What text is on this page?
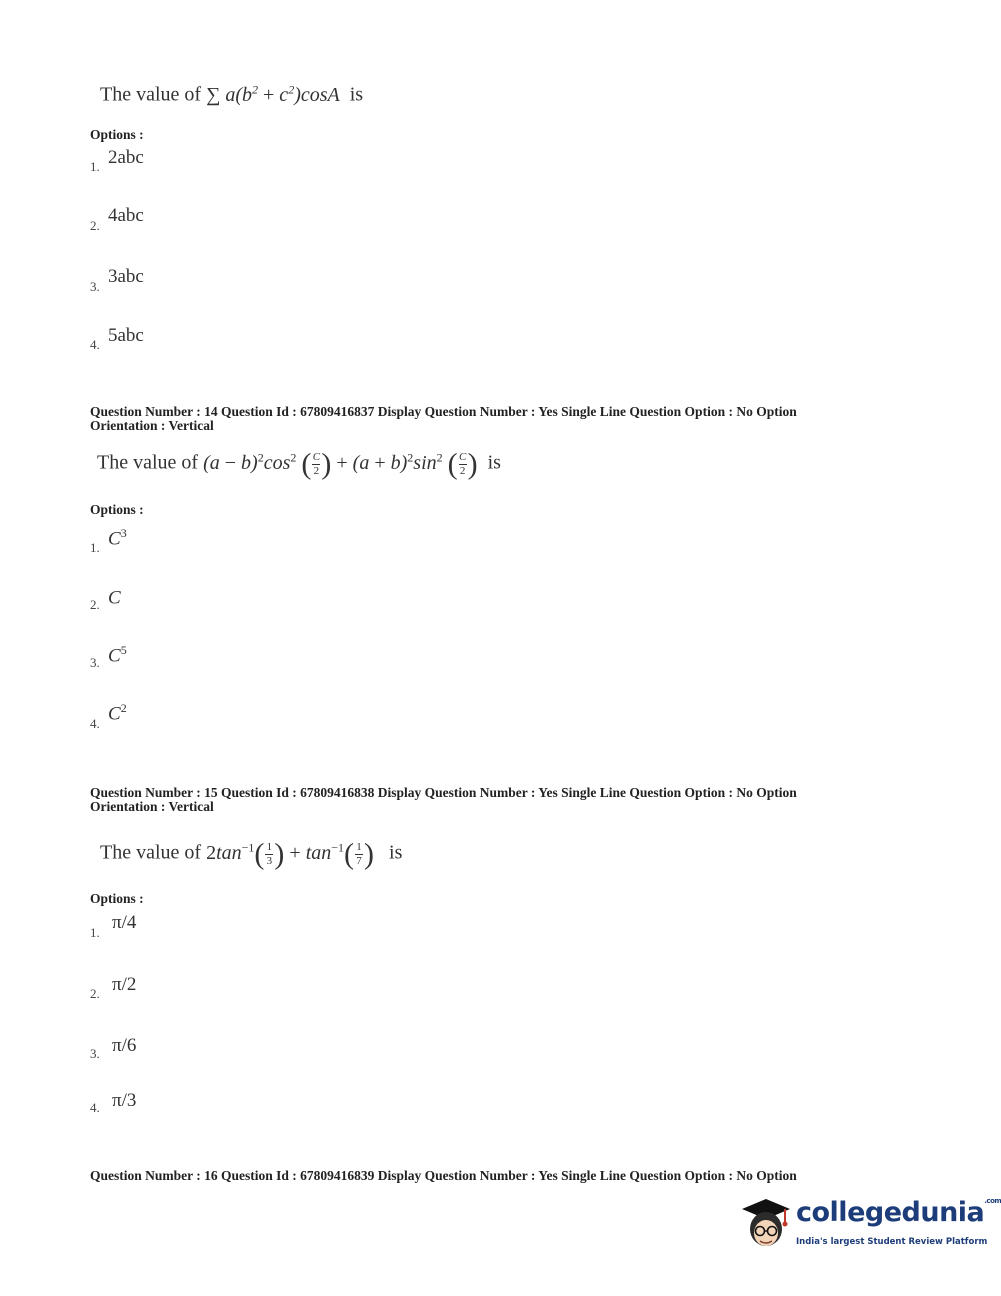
The value of ∑ $a(b^2 + c^2)\cos A$ is
Options :
1. 2abc
2. 4abc
3. 3abc
4. 5abc
Question Number : 14 Question Id : 67809416837 Display Question Number : Yes Single Line Question Option : No Option
Orientation : Vertical
The value of $(a - b)^2\cos^2$ ( $\frac{C}{2}$ ) + $(a + b)^2\sin^2$ ( $\frac{C}{2}$ ) is
Options :
1. $C^3$
2. C
3. $C^5$
4. $C^2$
Question Number : 15 Question Id : 67809416838 Display Question Number : Yes Single Line Question Option : No Option
Orientation : Vertical
The value of $2\tan^{-1}( \frac{1}{3}$ ) + $\tan^{-1}( \frac{1}{7}$ ) is
Options :
1. π/4
2. π/2
3. π/6
4. π/3
Question Number : 16 Question Id : 67809416839 Display Question Number : Yes Single Line Question Option : No Option
collegedunia$^{.com}$
India's largest Student Review Platform
